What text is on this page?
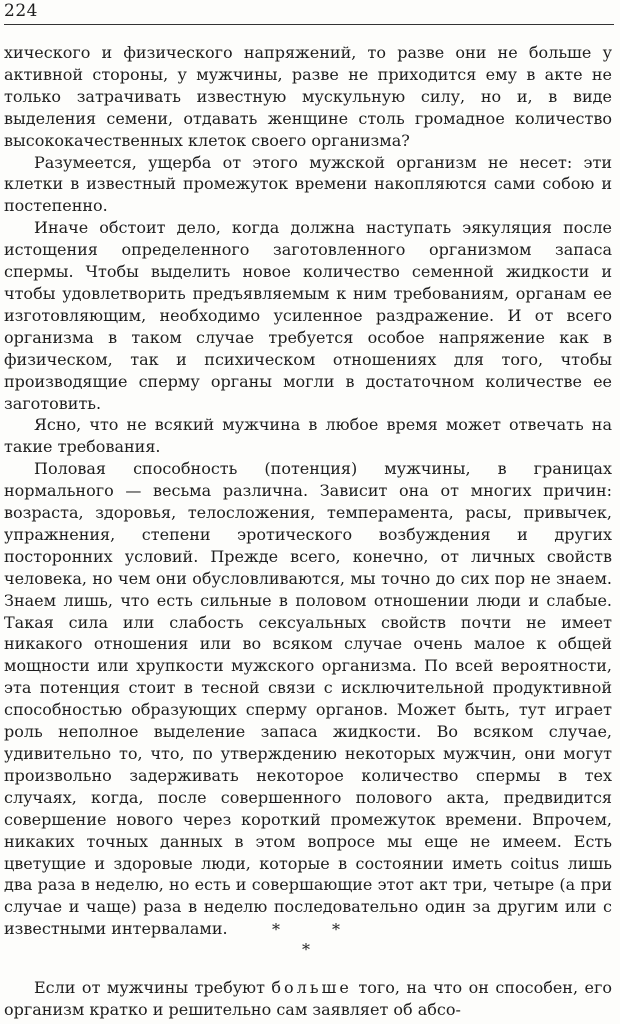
224

хического и физического напряжений, то разве они не больше у активной стороны, у мужчины, разве не приходится ему в акте не только затрачивать известную мускульную силу, но и, в виде выделения семени, отдавать женщине столь громадное количество высококачественных клеток своего организма?

Разумеется, ущерба от этого мужской организм не несет: эти клетки в известный промежуток времени накопляются сами собою и постепенно.

Иначе обстоит дело, когда должна наступать эякуляция после истощения определенного заготовленного организмом запаса спермы. Чтобы выделить новое количество семенной жидкости и чтобы удовлетворить предъявляемым к ним требованиям, органам ее изготовляющим, необходимо усиленное раздражение. И от всего организма в таком случае требуется особое напряжение как в физическом, так и психическом отношениях для того, чтобы производящие сперму органы могли в достаточном количестве ее заготовить.

Ясно, что не всякий мужчина в любое время может отвечать на такие требования.

Половая способность (потенция) мужчины, в границах нормального — весьма различна. Зависит она от многих причин: возраста, здоровья, телосложения, темперамента, расы, привычек, упражнения, степени эротического возбуждения и других посторонних условий. Прежде всего, конечно, от личных свойств человека, но чем они обусловливаются, мы точно до сих пор не знаем. Знаем лишь, что есть сильные в половом отношении люди и слабые. Такая сила или слабость сексуальных свойств почти не имеет никакого отношения или во всяком случае очень малое к общей мощности или хрупкости мужского организма. По всей вероятности, эта потенция стоит в тесной связи с исключительной продуктивной способностью образующих сперму органов. Может быть, тут играет роль неполное выделение запаса жидкости. Во всяком случае, удивительно то, что, по утверждению некоторых мужчин, они могут произвольно задерживать некоторое количество спермы в тех случаях, когда, после совершенного полового акта, предвидится совершение нового через короткий промежуток времени. Впрочем, никаких точных данных в этом вопросе мы еще не имеем. Есть цветущие и здоровые люди, которые в состоянии иметь coitus лишь два раза в неделю, но есть и совершающие этот акт три, четыре (а при случае и чаще) раза в неделю последовательно один за другим или с известными интервалами.	*	*
*

Если от мужчины требуют больше того, на что он способен, его организм кратко и решительно сам заявляет об абсо-
